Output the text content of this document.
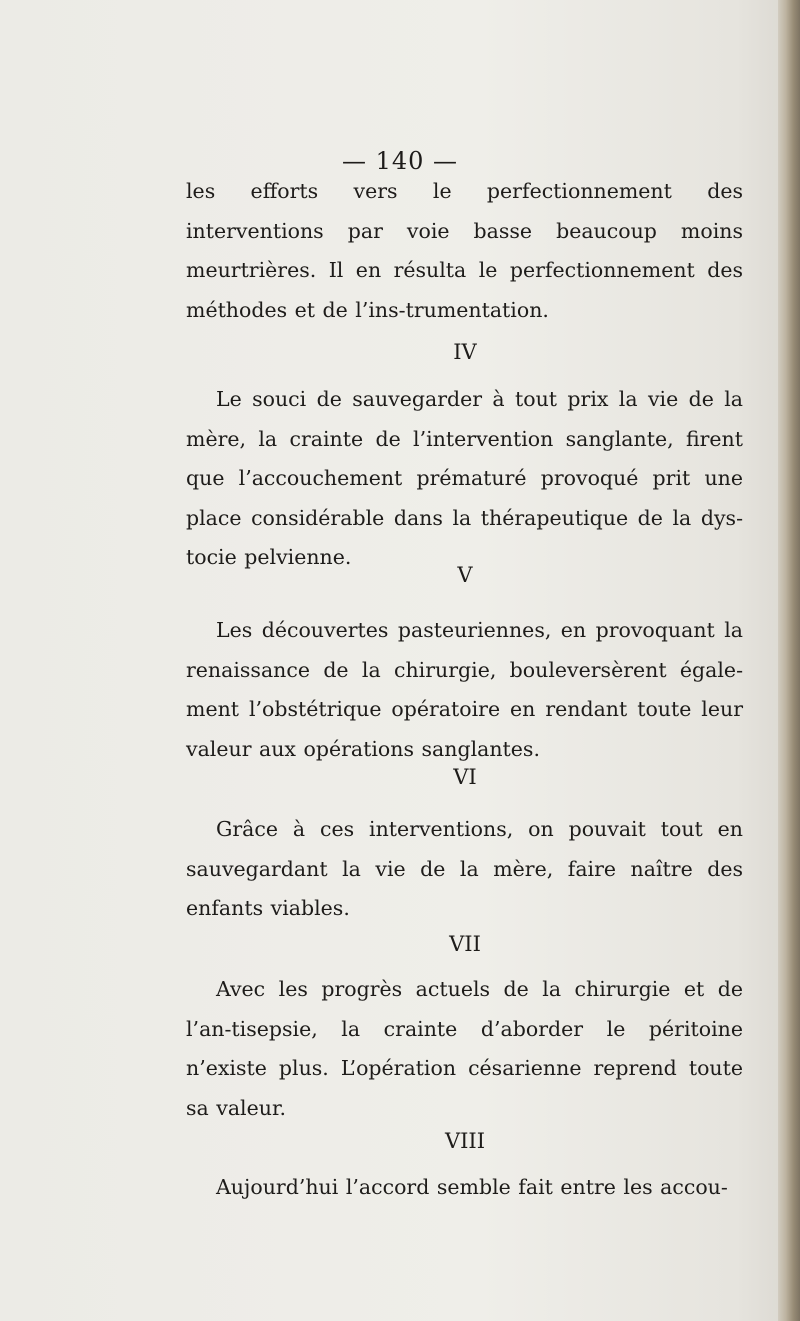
— 140 —
les efforts vers le perfectionnement des interventions par voie basse beaucoup moins meurtrières. Il en résulta le perfectionnement des méthodes et de l’ins-trumentation.
IV
Le souci de sauvegarder à tout prix la vie de la mère, la crainte de l’intervention sanglante, firent que l’accouchement prématuré provoqué prit une place considérable dans la thérapeutique de la dys-tocie pelvienne.
V
Les découvertes pasteuriennes, en provoquant la renaissance de la chirurgie, bouleversèrent égale-ment l’obstétrique opératoire en rendant toute leur valeur aux opérations sanglantes.
VI
Grâce à ces interventions, on pouvait tout en sauvegardant la vie de la mère, faire naître des enfants viables.
VII
Avec les progrès actuels de la chirurgie et de l’an-tisepsie, la crainte d’aborder le péritoine n’existe plus. L’opération césarienne reprend toute sa valeur.
VIII
Aujourd’hui l’accord semble fait entre les accou-
